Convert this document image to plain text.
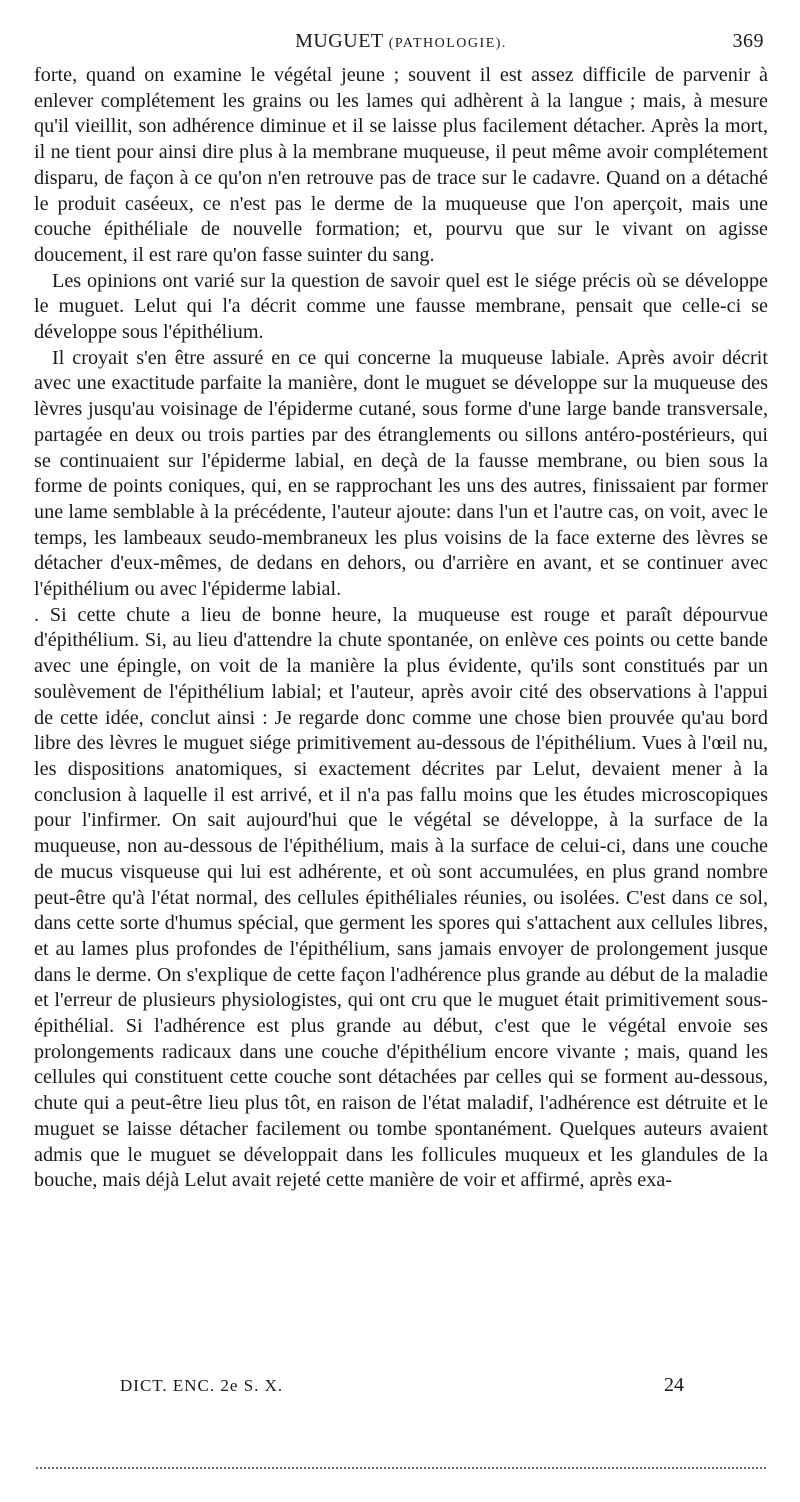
MUGUET (PATHOLOGIE).	369

forte, quand on examine le végétal jeune ; souvent il est assez difficile de parvenir à enlever complétement les grains ou les lames qui adhèrent à la langue ; mais, à mesure qu'il vieillit, son adhérence diminue et il se laisse plus facilement détacher. Après la mort, il ne tient pour ainsi dire plus à la membrane muqueuse, il peut même avoir complétement disparu, de façon à ce qu'on n'en retrouve pas de trace sur le cadavre. Quand on a détaché le produit caséeux, ce n'est pas le derme de la muqueuse que l'on aperçoit, mais une couche épithéliale de nouvelle formation; et, pourvu que sur le vivant on agisse doucement, il est rare qu'on fasse suinter du sang.

Les opinions ont varié sur la question de savoir quel est le siége précis où se développe le muguet. Lelut qui l'a décrit comme une fausse membrane, pensait que celle-ci se développe sous l'épithélium.

Il croyait s'en être assuré en ce qui concerne la muqueuse labiale. Après avoir décrit avec une exactitude parfaite la manière, dont le muguet se développe sur la muqueuse des lèvres jusqu'au voisinage de l'épiderme cutané, sous forme d'une large bande transversale, partagée en deux ou trois parties par des étranglements ou sillons antéro-postérieurs, qui se continuaient sur l'épiderme labial, en deçà de la fausse membrane, ou bien sous la forme de points coniques, qui, en se rapprochant les uns des autres, finissaient par former une lame semblable à la précédente, l'auteur ajoute: dans l'un et l'autre cas, on voit, avec le temps, les lambeaux seudo-membraneux les plus voisins de la face externe des lèvres se détacher d'eux-mêmes, de dedans en dehors, ou d'arrière en avant, et se continuer avec l'épithélium ou avec l'épiderme labial.

. Si cette chute a lieu de bonne heure, la muqueuse est rouge et paraît dépourvue d'épithélium. Si, au lieu d'attendre la chute spontanée, on enlève ces points ou cette bande avec une épingle, on voit de la manière la plus évidente, qu'ils sont constitués par un soulèvement de l'épithélium labial; et l'auteur, après avoir cité des observations à l'appui de cette idée, conclut ainsi : Je regarde donc comme une chose bien prouvée qu'au bord libre des lèvres le muguet siége primitivement au-dessous de l'épithélium. Vues à l'œil nu, les dispositions anatomiques, si exactement décrites par Lelut, devaient mener à la conclusion à laquelle il est arrivé, et il n'a pas fallu moins que les études microscopiques pour l'infirmer. On sait aujourd'hui que le végétal se développe, à la surface de la muqueuse, non au-dessous de l'épithélium, mais à la surface de celui-ci, dans une couche de mucus visqueuse qui lui est adhérente, et où sont accumulées, en plus grand nombre peut-être qu'à l'état normal, des cellules épithéliales réunies, ou isolées. C'est dans ce sol, dans cette sorte d'humus spécial, que germent les spores qui s'attachent aux cellules libres, et au lames plus profondes de l'épithélium, sans jamais envoyer de prolongement jusque dans le derme. On s'explique de cette façon l'adhérence plus grande au début de la maladie et l'erreur de plusieurs physiologistes, qui ont cru que le muguet était primitivement sous-épithélial. Si l'adhérence est plus grande au début, c'est que le végétal envoie ses prolongements radicaux dans une couche d'épithélium encore vivante ; mais, quand les cellules qui constituent cette couche sont détachées par celles qui se forment au-dessous, chute qui a peut-être lieu plus tôt, en raison de l'état maladif, l'adhérence est détruite et le muguet se laisse détacher facilement ou tombe spontanément. Quelques auteurs avaient admis que le muguet se développait dans les follicules muqueux et les glandules de la bouche, mais déjà Lelut avait rejeté cette manière de voir et affirmé, après exa-

DICT. ENC. 2e S. X.	24
